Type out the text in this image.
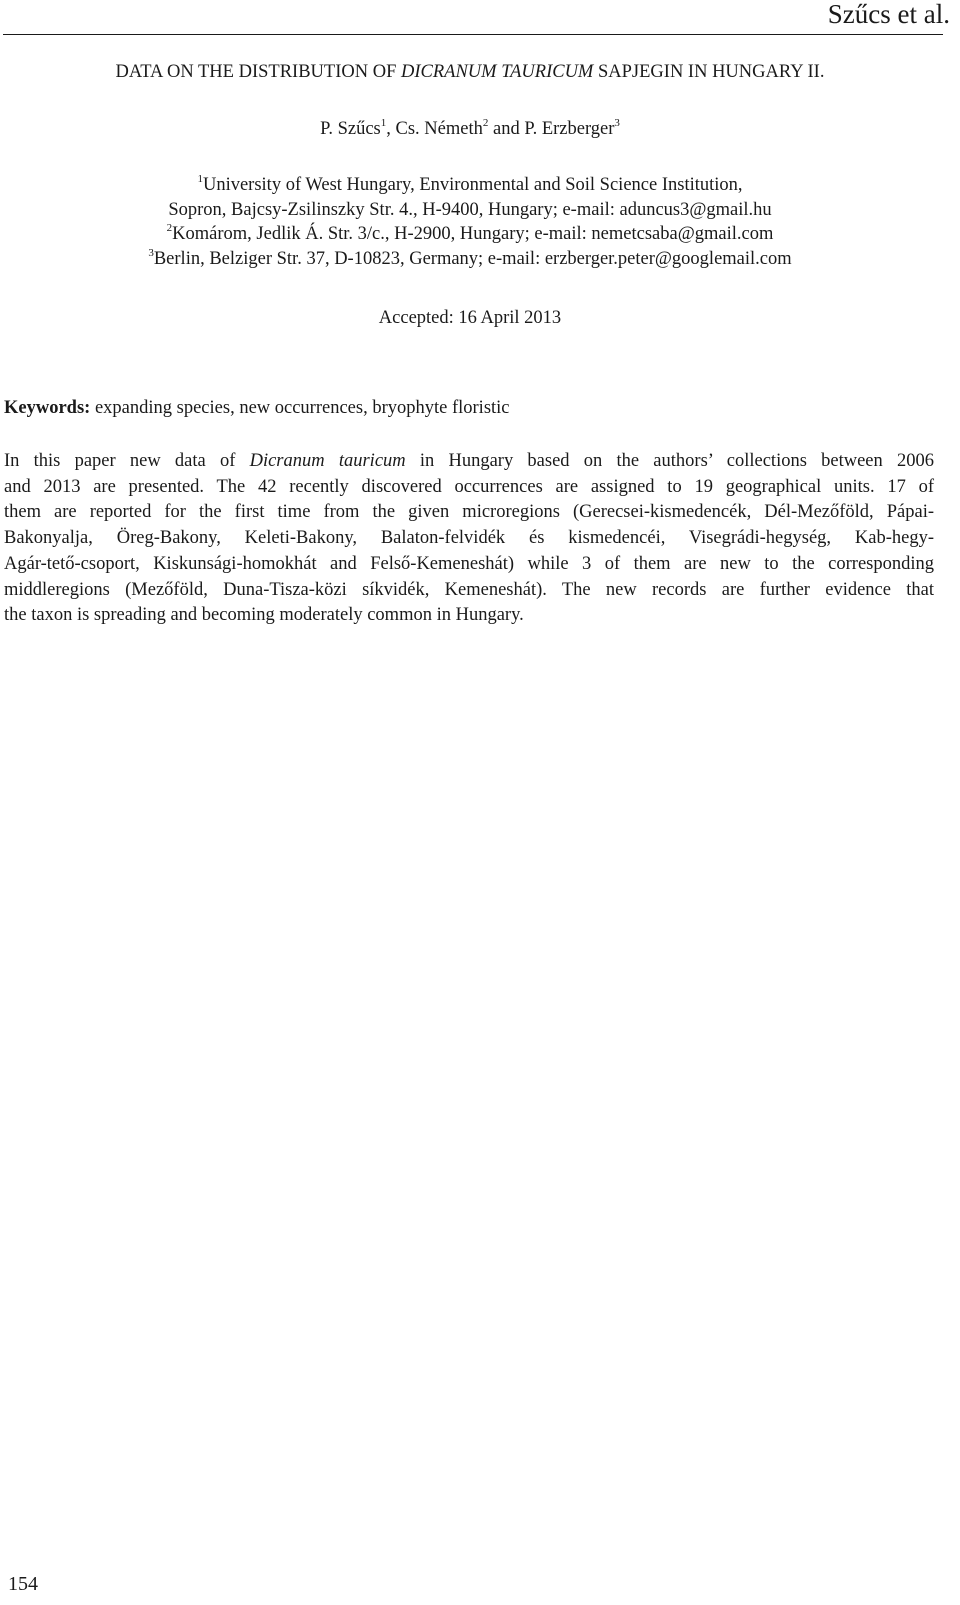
Szűcs et al.
DATA ON THE DISTRIBUTION OF DICRANUM TAURICUM SAPJEGIN IN HUNGARY II.
P. Szűcs$^1$, Cs. Németh$^2$ and P. Erzberger$^3$
$^1$University of West Hungary, Environmental and Soil Science Institution,
Sopron, Bajcsy-Zsilinszky Str. 4., H-9400, Hungary; e-mail: aduncus3@gmail.hu
$^2$Komárom, Jedlik Á. Str. 3/c., H-2900, Hungary; e-mail: nemetcsaba@gmail.com
$^3$Berlin, Belziger Str. 37, D-10823, Germany; e-mail: erzberger.peter@googlemail.com
Accepted: 16 April 2013
Keywords: expanding species, new occurrences, bryophyte floristic
In this paper new data of Dicranum tauricum in Hungary based on the authors’ collections between 2006
and 2013 are presented. The 42 recently discovered occurrences are assigned to 19 geographical units. 17 of
them are reported for the first time from the given microregions (Gerecsei-kismedencék, Dél-Mezőföld, Pápai-
Bakonyalja, Öreg-Bakony, Keleti-Bakony, Balaton-felvidék és kismedencéi, Visegrádi-hegység, Kab-hegy-
Agár-tető-csoport, Kiskunsági-homokhát and Felső-Kemeneshát) while 3 of them are new to the corresponding
middleregions (Mezőföld, Duna-Tisza-közi síkvidék, Kemeneshát). The new records are further evidence that
the taxon is spreading and becoming moderately common in Hungary.
154
